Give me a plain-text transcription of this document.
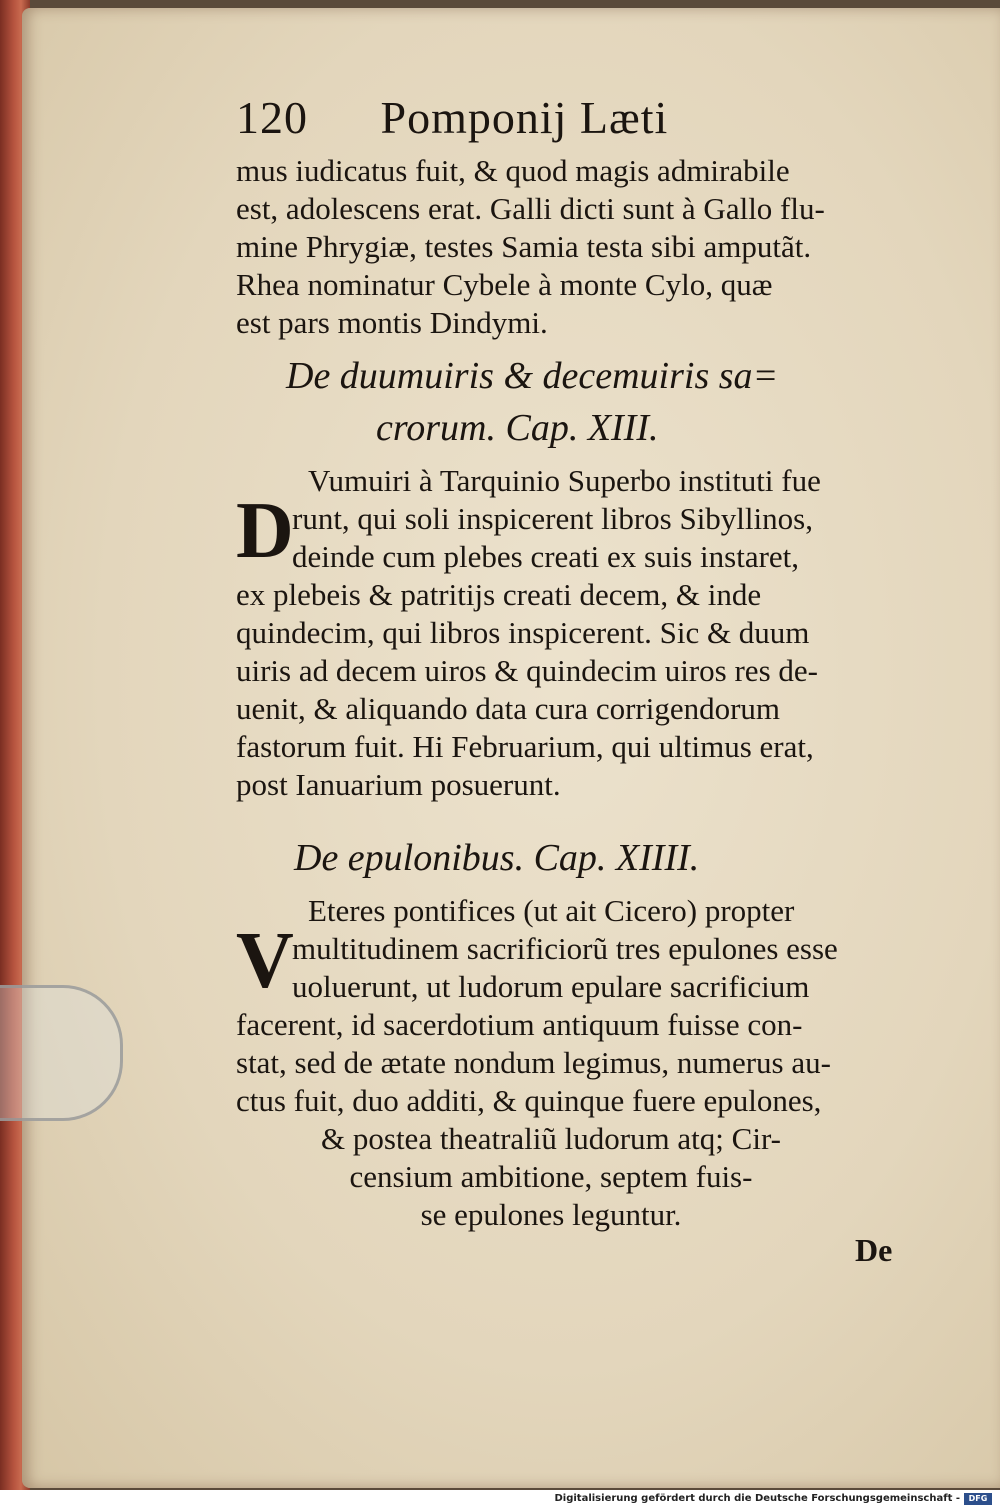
120 Pomponij Læti
mus iudicatus fuit, & quod magis admirabile
est, adolescens erat. Galli dicti sunt à Gallo flu-
mine Phrygiæ, testes Samia testa sibi amputãt.
Rhea nominatur Cybele à monte Cylo, quæ
est pars montis Dindymi.
De duumuiris & decemuiris sa=
crorum. Cap. XIII.
D
Vumuiri à Tarquinio Superbo instituti fue
runt, qui soli inspicerent libros Sibyllinos,
deinde cum plebes creati ex suis instaret,
ex plebeis & patritijs creati decem, & inde
quindecim, qui libros inspicerent. Sic & duum
uiris ad decem uiros & quindecim uiros res de-
uenit, & aliquando data cura corrigendorum
fastorum fuit. Hi Februarium, qui ultimus erat,
post Ianuarium posuerunt.
De epulonibus. Cap. XIIII.
V
Eteres pontifices (ut ait Cicero) propter
multitudinem sacrificiorũ tres epulones esse
uoluerunt, ut ludorum epulare sacrificium
facerent, id sacerdotium antiquum fuisse con-
stat, sed de ætate nondum legimus, numerus au-
ctus fuit, duo additi, & quinque fuere epulones,
& postea theatraliũ ludorum atq; Cir-
censium ambitione, septem fuis-
se epulones leguntur.
De
Digitalisierung gefördert durch die Deutsche Forschungsgemeinschaft -	DFG
